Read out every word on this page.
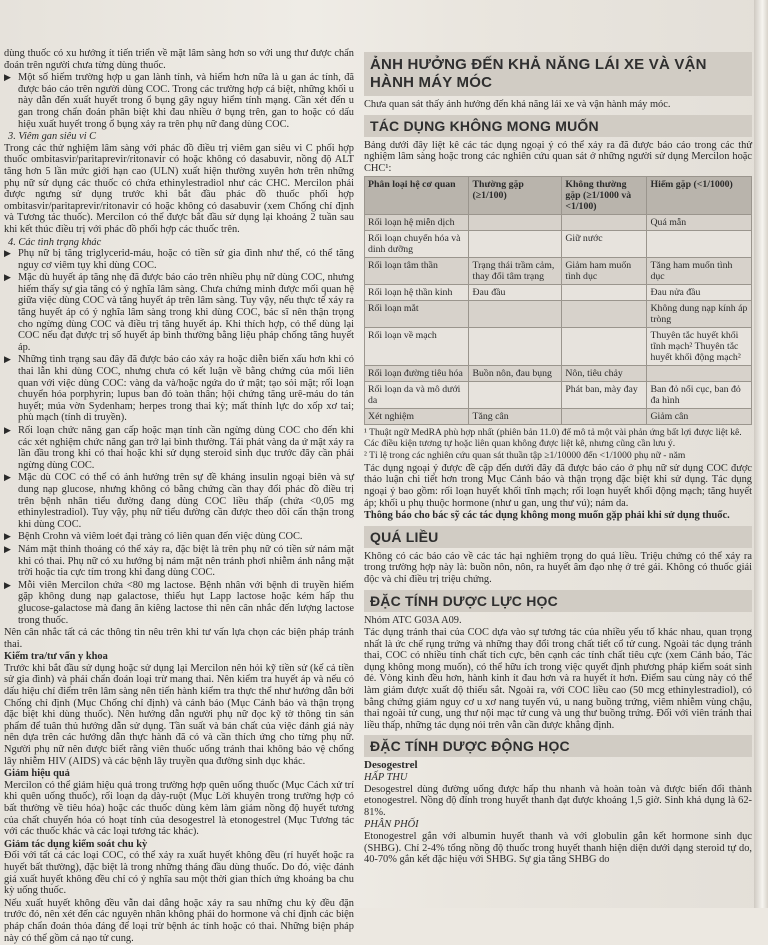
dùng thuốc có xu hướng ít tiến triển về mặt lâm sàng hơn so với ung thư được chẩn đoán trên người chưa từng dùng thuốc.

▶ Một số hiếm trường hợp u gan lành tính, và hiếm hơn nữa là u gan ác tính, đã được báo cáo trên người dùng COC. Trong các trường hợp cá biệt, những khối u này dẫn đến xuất huyết trong ổ bụng gây nguy hiểm tính mạng. Cần xét đến u gan trong chẩn đoán phân biệt khi đau nhiều ở bụng trên, gan to hoặc có dấu hiệu xuất huyết trong ổ bụng xảy ra trên phụ nữ đang dùng COC.
3. Viêm gan siêu vi C

Trong các thử nghiệm lâm sàng với phác đồ điều trị viêm gan siêu vi C phối hợp thuốc ombitasvir/paritaprevir/ritonavir có hoặc không có dasabuvir, nồng độ ALT tăng hơn 5 lần mức giới hạn cao (ULN) xuất hiện thường xuyên hơn trên những phụ nữ sử dụng các thuốc có chứa ethinylestradiol như các CHC. Mercilon phải được ngưng sử dụng trước khi bắt đầu phác đồ thuốc phối hợp ombitasvir/paritaprevir/ritonavir có hoặc không có dasabuvir (xem Chống chỉ định và Tương tác thuốc). Mercilon có thể được bắt đầu sử dụng lại khoảng 2 tuần sau khi kết thúc điều trị với phác đồ phối hợp các thuốc trên.

4. Các tình trạng khác
▶ Phụ nữ bị tăng triglycerid-máu, hoặc có tiền sử gia đình như thế, có thể tăng nguy cơ viêm tụy khi dùng COC.
▶ Mặc dù huyết áp tăng nhẹ đã được báo cáo trên nhiều phụ nữ dùng COC, nhưng hiếm thấy sự gia tăng có ý nghĩa lâm sàng. Chưa chứng minh được mối quan hệ giữa việc dùng COC và tăng huyết áp trên lâm sàng. Tuy vậy, nếu thực tế xảy ra tăng huyết áp có ý nghĩa lâm sàng trong khi dùng COC, bác sĩ nên thận trọng cho ngừng dùng COC và điều trị tăng huyết áp. Khi thích hợp, có thể dùng lại COC nếu đạt được trị số huyết áp bình thường bằng liệu pháp chống tăng huyết áp.
▶ Những tình trạng sau đây đã được báo cáo xảy ra hoặc diễn biến xấu hơn khi có thai lẫn khi dùng COC, nhưng chưa có kết luận về bằng chứng của mối liên quan với việc dùng COC: vàng da và/hoặc ngứa do ứ mật; tạo sỏi mật; rối loạn chuyển hóa porphyrin; lupus ban đỏ toàn thân; hội chứng tăng urê-máu do tán huyết; múa vờn Sydenham; herpes trong thai kỳ; mất thính lực do xốp xơ tai; phù mạch (tính di truyền).
▶ Rối loạn chức năng gan cấp hoặc mạn tính cần ngừng dùng COC cho đến khi các xét nghiệm chức năng gan trở lại bình thường. Tái phát vàng da ứ mật xảy ra lần đầu trong khi có thai hoặc khi sử dụng steroid sinh dục trước đây cần phải ngừng dùng COC.
▶ Mặc dù COC có thể có ảnh hưởng trên sự đề kháng insulin ngoại biên và sự dung nạp glucose, nhưng không có bằng chứng cần thay đổi phác đồ điều trị trên bệnh nhân tiểu đường đang dùng COC liều thấp (chứa <0,05 mg ethinylestradiol). Tuy vậy, phụ nữ tiểu đường cần được theo dõi cẩn thận trong khi dùng COC.
▶ Bệnh Crohn và viêm loét đại tràng có liên quan đến việc dùng COC.
▶ Nám mặt thỉnh thoảng có thể xảy ra, đặc biệt là trên phụ nữ có tiền sử nám mặt khi có thai. Phụ nữ có xu hướng bị nám mặt nên tránh phơi nhiễm ánh nắng mặt trời hoặc tia cực tím trong khi đang dùng COC.
▶ Mỗi viên Mercilon chứa <80 mg lactose. Bệnh nhân với bệnh di truyền hiếm gặp không dung nạp galactose, thiếu hụt Lapp lactose hoặc kém hấp thu glucose-galactose mà đang ăn kiêng lactose thì nên cân nhắc đến lượng lactose trong thuốc.

Nên cân nhắc tất cả các thông tin nêu trên khi tư vấn lựa chọn các biện pháp tránh thai.

Kiểm tra/tư vấn y khoa

Trước khi bắt đầu sử dụng hoặc sử dụng lại Mercilon nên hỏi kỹ tiền sử (kể cả tiền sử gia đình) và phải chẩn đoán loại trừ mang thai. Nên kiểm tra huyết áp và nếu có dấu hiệu chỉ điểm trên lâm sàng nên tiến hành kiểm tra thực thể như hướng dẫn bởi Chống chỉ định (Mục Chống chỉ định) và cảnh báo (Mục Cảnh báo và thận trọng đặc biệt khi dùng thuốc). Nên hướng dẫn người phụ nữ đọc kỹ tờ thông tin sản phẩm để tuân thủ hướng dẫn sử dụng. Tần suất và bản chất của việc đánh giá này nên dựa trên các hướng dẫn thực hành đã có và cần thích ứng cho từng phụ nữ. Người phụ nữ nên được biết rằng viên thuốc uống tránh thai không bảo vệ chống lây nhiễm HIV (AIDS) và các bệnh lây truyền qua đường sinh dục khác.

Giảm hiệu quả

Mercilon có thể giảm hiệu quả trong trường hợp quên uống thuốc (Mục Cách xử trí khi quên uống thuốc), rối loạn dạ dày-ruột (Mục Lời khuyên trong trường hợp có bất thường về tiêu hóa) hoặc các thuốc dùng kèm làm giảm nồng độ huyết tương của chất chuyển hóa có hoạt tính của desogestrel là etonogestrel (Mục Tương tác với các thuốc khác và các loại tương tác khác).

Giảm tác dụng kiểm soát chu kỳ

Đối với tất cả các loại COC, có thể xảy ra xuất huyết không đều (rỉ huyết hoặc ra huyết bất thường), đặc biệt là trong những tháng đầu dùng thuốc. Do đó, việc đánh giá xuất huyết không đều chỉ có ý nghĩa sau một thời gian thích ứng khoảng ba chu kỳ uống thuốc.

Nếu xuất huyết không đều vẫn dai dẳng hoặc xảy ra sau những chu kỳ đều đặn trước đó, nên xét đến các nguyên nhân không phải do hormone và chỉ định các biện pháp chẩn đoán thỏa đáng để loại trừ bệnh ác tính hoặc có thai. Những biện pháp này có thể gồm cả nạo tử cung.

ẢNH HƯỞNG ĐẾN KHẢ NĂNG LÁI XE VÀ VẬN HÀNH MÁY MÓC

Chưa quan sát thấy ảnh hưởng đến khả năng lái xe và vận hành máy móc.

TÁC DỤNG KHÔNG MONG MUỐN

Bảng dưới đây liệt kê các tác dụng ngoại ý có thể xảy ra đã được báo cáo trong các thử nghiệm lâm sàng hoặc trong các nghiên cứu quan sát ở những người sử dụng Mercilon hoặc CHC¹:

Phân loại hệ cơ quan	Thường gặp (≥1/100)	Không thường gặp (≥1/1000 và <1/100)	Hiếm gặp (<1/1000)
Rối loạn hệ miễn dịch			Quá mẫn
Rối loạn chuyển hóa và dinh dưỡng		Giữ nước	
Rối loạn tâm thần	Trạng thái trầm cảm, thay đổi tâm trạng	Giảm ham muốn tình dục	Tăng ham muốn tình dục
Rối loạn hệ thần kinh	Đau đầu		Đau nửa đầu
Rối loạn mắt			Không dung nạp kính áp tròng
Rối loạn về mạch			Thuyên tắc huyết khối tĩnh mạch² Thuyên tắc huyết khối động mạch²
Rối loạn đường tiêu hóa	Buồn nôn, đau bụng	Nôn, tiêu chảy	
Rối loạn da và mô dưới da		Phát ban, mày đay	Ban đỏ nổi cục, ban đỏ đa hình
Xét nghiệm	Tăng cân		Giảm cân
¹ Thuật ngữ MedRA phù hợp nhất (phiên bản 11.0) để mô tả một vài phản ứng bất lợi được liệt kê. Các điều kiện tương tự hoặc liên quan không được liệt kê, nhưng cũng cần lưu ý.
² Tỉ lệ trong các nghiên cứu quan sát thuần tập ≥1/10000 đến <1/1000 phụ nữ - năm

Tác dụng ngoại ý được đề cập đến dưới đây đã được báo cáo ở phụ nữ sử dụng COC được thảo luận chi tiết hơn trong Mục Cảnh báo và thận trọng đặc biệt khi sử dụng. Tác dụng ngoại ý bao gồm: rối loạn huyết khối tĩnh mạch; rối loạn huyết khối động mạch; tăng huyết áp; khối u phụ thuộc hormone (như u gan, ung thư vú); nám da.

Thông báo cho bác sỹ các tác dụng không mong muốn gặp phải khi sử dụng thuốc.

QUÁ LIỀU

Không có các báo cáo về các tác hại nghiêm trọng do quá liều. Triệu chứng có thể xảy ra trong trường hợp này là: buồn nôn, nôn, ra huyết âm đạo nhẹ ở trẻ gái. Không có thuốc giải độc và chỉ điều trị triệu chứng.

ĐẶC TÍNH DƯỢC LỰC HỌC

Nhóm ATC G03A A09.

Tác dụng tránh thai của COC dựa vào sự tương tác của nhiều yếu tố khác nhau, quan trọng nhất là ức chế rụng trứng và những thay đổi trong chất tiết cổ tử cung. Ngoài tác dụng tránh thai, COC có nhiều tính chất tích cực, bên cạnh các tính chất tiêu cực (xem Cảnh báo, Tác dụng không mong muốn), có thể hữu ích trong việc quyết định phương pháp kiểm soát sinh đẻ. Vòng kinh đều hơn, hành kinh ít đau hơn và ra huyết ít hơn. Điểm sau cùng này có thể làm giảm được xuất độ thiếu sắt. Ngoài ra, với COC liều cao (50 mcg ethinylestradiol), có bằng chứng giảm nguy cơ u xơ nang tuyến vú, u nang buồng trứng, viêm nhiễm vùng chậu, thai ngoài tử cung, ung thư nội mạc tử cung và ung thư buồng trứng. Đối với viên tránh thai liều thấp, những tác dụng nói trên vẫn cần được khẳng định.

ĐẶC TÍNH DƯỢC ĐỘNG HỌC
Desogestrel
HẤP THU

Desogestrel dùng đường uống được hấp thu nhanh và hoàn toàn và được biến đổi thành etonogestrel. Nồng độ đỉnh trong huyết thanh đạt được khoảng 1,5 giờ. Sinh khả dụng là 62-81%.

PHÂN PHỐI

Etonogestrel gắn với albumin huyết thanh và với globulin gắn kết hormone sinh dục (SHBG). Chỉ 2-4% tổng nồng độ thuốc trong huyết thanh hiện diện dưới dạng steroid tự do, 40-70% gắn kết đặc hiệu với SHBG. Sự gia tăng SHBG do
